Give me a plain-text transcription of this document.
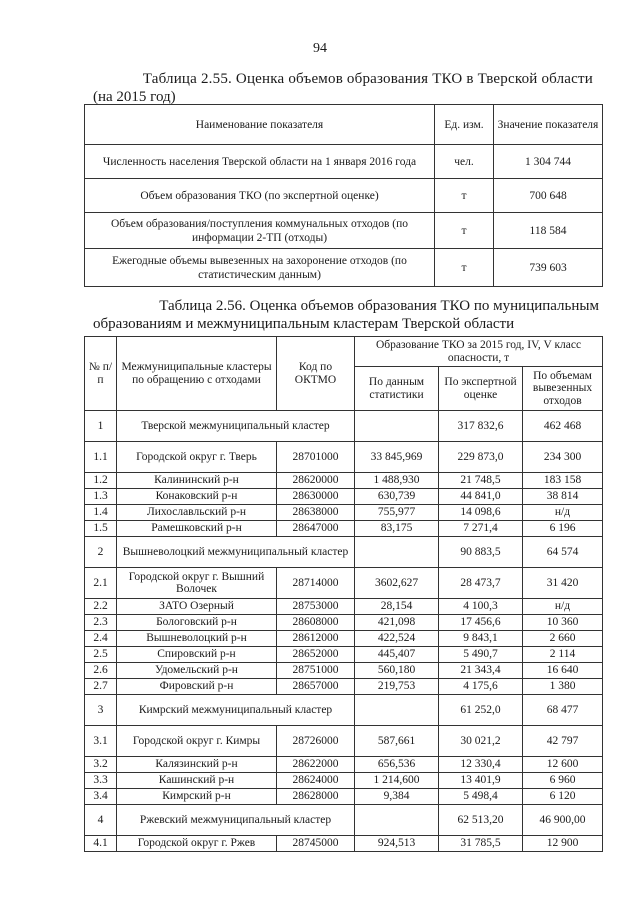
94
Таблица 2.55. Оценка объемов образования ТКО в Тверской области
(на 2015 год)
Наименование показателя	Ед. изм.	Значение показателя
Численность населения Тверской области на 1 января 2016 года	чел.	1 304 744
Объем образования ТКО (по экспертной оценке)	т	700 648
Объем образования/поступления коммунальных отходов (по информации 2-ТП (отходы)	т	118 584
Ежегодные объемы вывезенных на захоронение отходов (по статистическим данным)	т	739 603
Таблица 2.56. Оценка объемов образования ТКО по муниципальным
образованиям и межмуниципальным кластерам Тверской области
№ п/п	Межмуниципальные кластеры по обращению с отходами	Код по ОКТМО	Образование ТКО за 2015 год, IV, V класс опасности, т		
			По данным статистики	По экспертной оценке	По объемам вывезенных отходов
1	Тверской межмуниципальный кластер			317 832,6	462 468
1.1	Городской округ г. Тверь	28701000	33 845,969	229 873,0	234 300
1.2	Калининский р-н	28620000	1 488,930	21 748,5	183 158
1.3	Конаковский р-н	28630000	630,739	44 841,0	38 814
1.4	Лихославльский р-н	28638000	755,977	14 098,6	н/д
1.5	Рамешковский р-н	28647000	83,175	7 271,4	6 196
2	Вышневолоцкий межмуниципальный кластер			90 883,5	64 574
2.1	Городской округ г. Вышний Волочек	28714000	3602,627	28 473,7	31 420
2.2	ЗАТО Озерный	28753000	28,154	4 100,3	н/д
2.3	Бологовский р-н	28608000	421,098	17 456,6	10 360
2.4	Вышневолоцкий р-н	28612000	422,524	9 843,1	2 660
2.5	Спировский р-н	28652000	445,407	5 490,7	2 114
2.6	Удомельский р-н	28751000	560,180	21 343,4	16 640
2.7	Фировский р-н	28657000	219,753	4 175,6	1 380
3	Кимрский межмуниципальный кластер			61 252,0	68 477
3.1	Городской округ г. Кимры	28726000	587,661	30 021,2	42 797
3.2	Калязинский р-н	28622000	656,536	12 330,4	12 600
3.3	Кашинский р-н	28624000	1 214,600	13 401,9	6 960
3.4	Кимрский р-н	28628000	9,384	5 498,4	6 120
4	Ржевский межмуниципальный кластер			62 513,20	46 900,00
4.1	Городской округ г. Ржев	28745000	924,513	31 785,5	12 900
